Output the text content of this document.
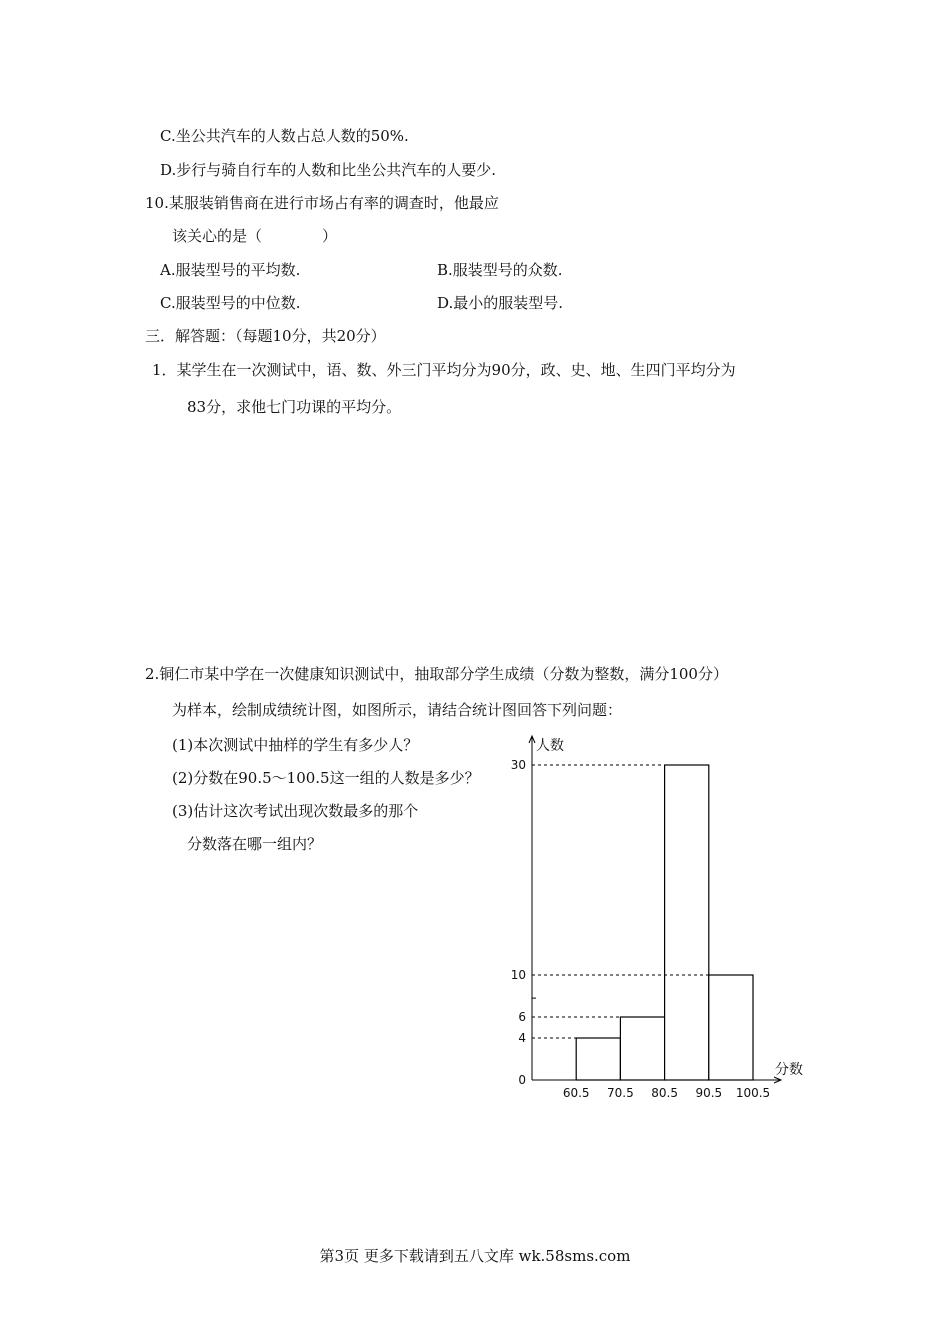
C.坐公共汽车的人数占总人数的50%.
D.步行与骑自行车的人数和比坐公共汽车的人要少.
10.某服装销售商在进行市场占有率的调查时，他最应
该关心的是（　　　　）
A.服装型号的平均数.	B.服装型号的众数.
C.服装型号的中位数.	D.最小的服装型号.
三．解答题：（每题10分，共20分）
1．某学生在一次测试中，语、数、外三门平均分为90分，政、史、地、生四门平均分为
83分，求他七门功课的平均分。
2.铜仁市某中学在一次健康知识测试中，抽取部分学生成绩（分数为整数，满分100分）
为样本，绘制成绩统计图，如图所示，请结合统计图回答下列问题：
(1)本次测试中抽样的学生有多少人？
(2)分数在90.5～100.5这一组的人数是多少？
(3)估计这次考试出现次数最多的那个
分数落在哪一组内？
人数
分数
0
4
6
10
30
60.5 70.5 80.5 90.5 100.5
第3页 更多下载请到五八文库 wk.58sms.com
